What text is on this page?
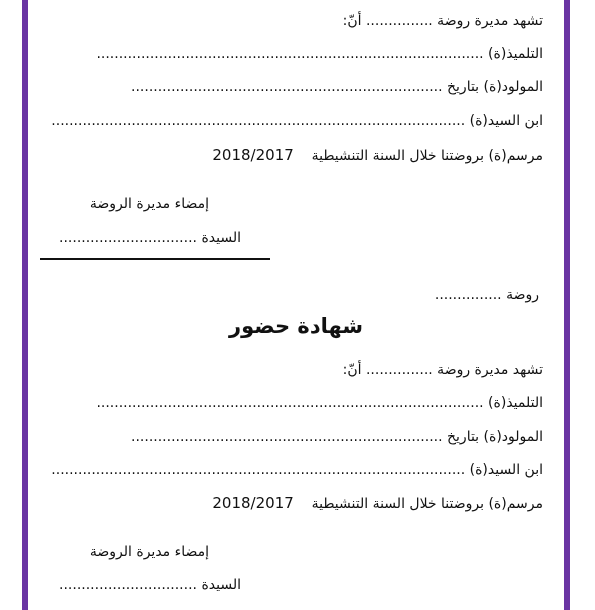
تشهد مديرة روضة ............... أنّ:
التلميذ(ة) .......................................................................................
المولود(ة) بتاريخ ......................................................................
ابن السيد(ة) .............................................................................................
مرسم(ة) بروضتنا خلال السنة التنشيطية    2018/2017
إمضاء مديرة الروضة
السيدة ...............................
روضة ...............
شهادة حضور
تشهد مديرة روضة ............... أنّ:
التلميذ(ة) .......................................................................................
المولود(ة) بتاريخ ......................................................................
ابن السيد(ة) .............................................................................................
مرسم(ة) بروضتنا خلال السنة التنشيطية    2018/2017
إمضاء مديرة الروضة
السيدة ...............................
